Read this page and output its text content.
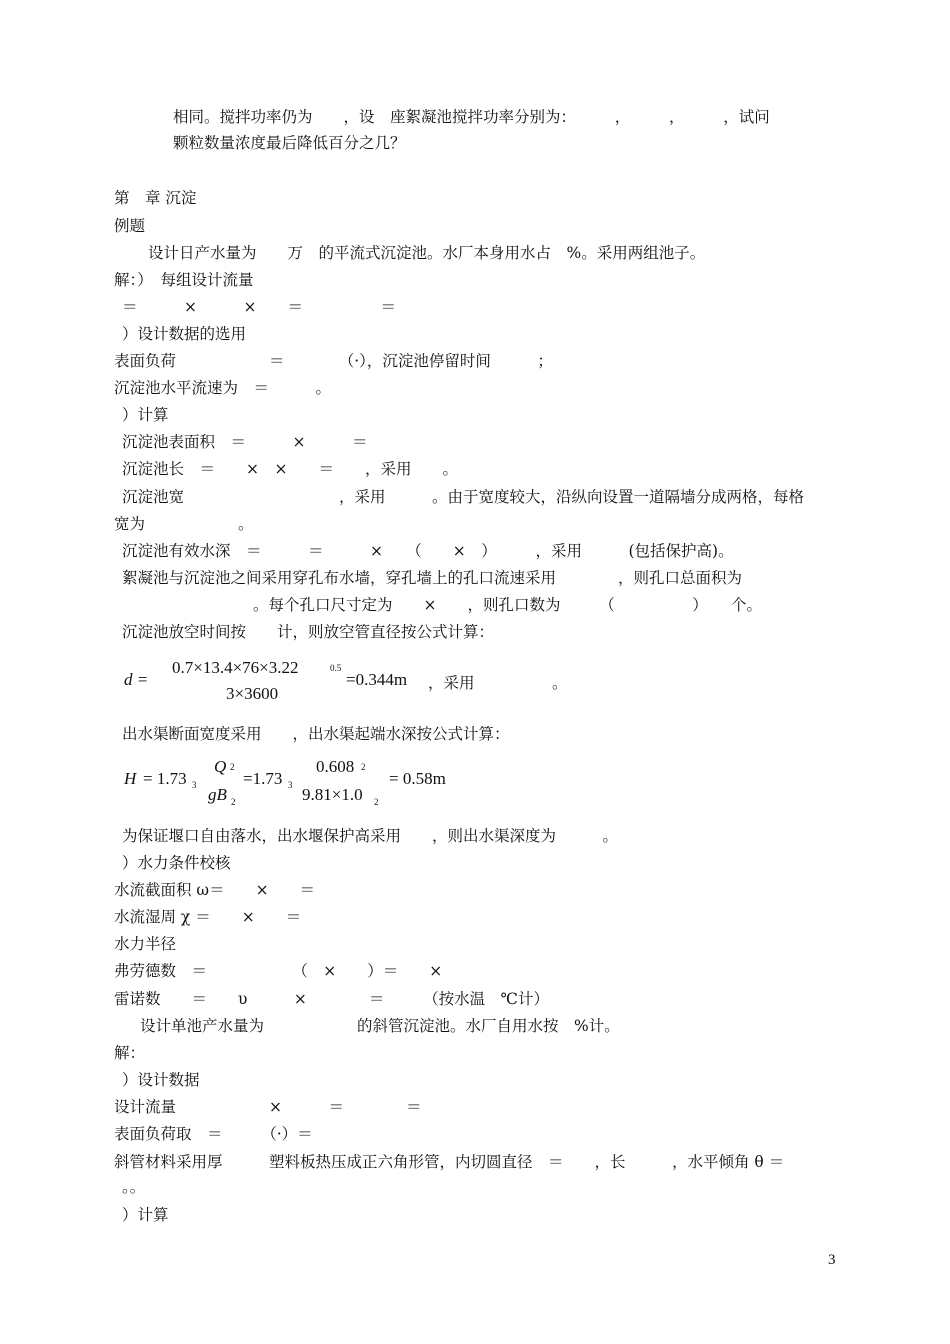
相同。搅拌功率仍为　　，设　座絮凝池搅拌功率分别为：　　　，　　　，　　　，试问
颗粒数量浓度最后降低百分之几？
第　章 沉淀
例题
设计日产水量为　　万　的平流式沉淀池。水厂本身用水占　%。采用两组池子。
解：）　每组设计流量
＝　　　×　　　×　　＝　　　　　＝
）设计数据的选用
表面负荷　　　　　　＝　　　　（·），沉淀池停留时间　　　；
沉淀池水平流速为　＝　　　。
）计算
沉淀池表面积　＝　　　×　　　＝
沉淀池长　＝　　×　×　　＝　　，采用　　。
沉淀池宽　　　　　　　　　　，采用　　　。由于宽度较大，沿纵向设置一道隔墙分成两格，每格
宽为　　　　　　。
沉淀池有效水深　＝　　　＝　　　×　　（　　×　）　　　，采用　　　(包括保护高)。
絮凝池与沉淀池之间采用穿孔布水墙，穿孔墙上的孔口流速采用　　　　，则孔口总面积为
。每个孔口尺寸定为　　×　　，则孔口数为　　　（　　　　　）　　个。
沉淀池放空时间按　　计，则放空管直径按公式计算：
d =
0.7×13.4×76×3.22	0.5
3×3600
=0.344m ，采用　　　　　。
出水渠断面宽度采用　　，出水渠起端水深按公式计算：
H = 1.73 3
Q 2
gB 2
=1.73 3
0.608 2
9.81×1.0 2
= 0.58m
为保证堰口自由落水，出水堰保护高采用　　，则出水渠深度为　　　。
）水力条件校核
水流截面积 ω＝　　×　　＝
水流湿周 χ ＝　　×　　＝
水力半径
弗劳德数　＝　　　　　　（　×　　）＝　　×
雷诺数　　＝　　υ　　　×　　　　＝　　　（按水温　℃计）
设计单池产水量为　　　　　　的斜管沉淀池。水厂自用水按　%计。
解：
）设计数据
设计流量　　　　　　×　　　＝　　　　＝
表面负荷取　＝　　　（·）＝
斜管材料采用厚　　　塑料板热压成正六角形管，内切圆直径　＝　　，长　　　，水平倾角 θ ＝
。。
）计算
3
